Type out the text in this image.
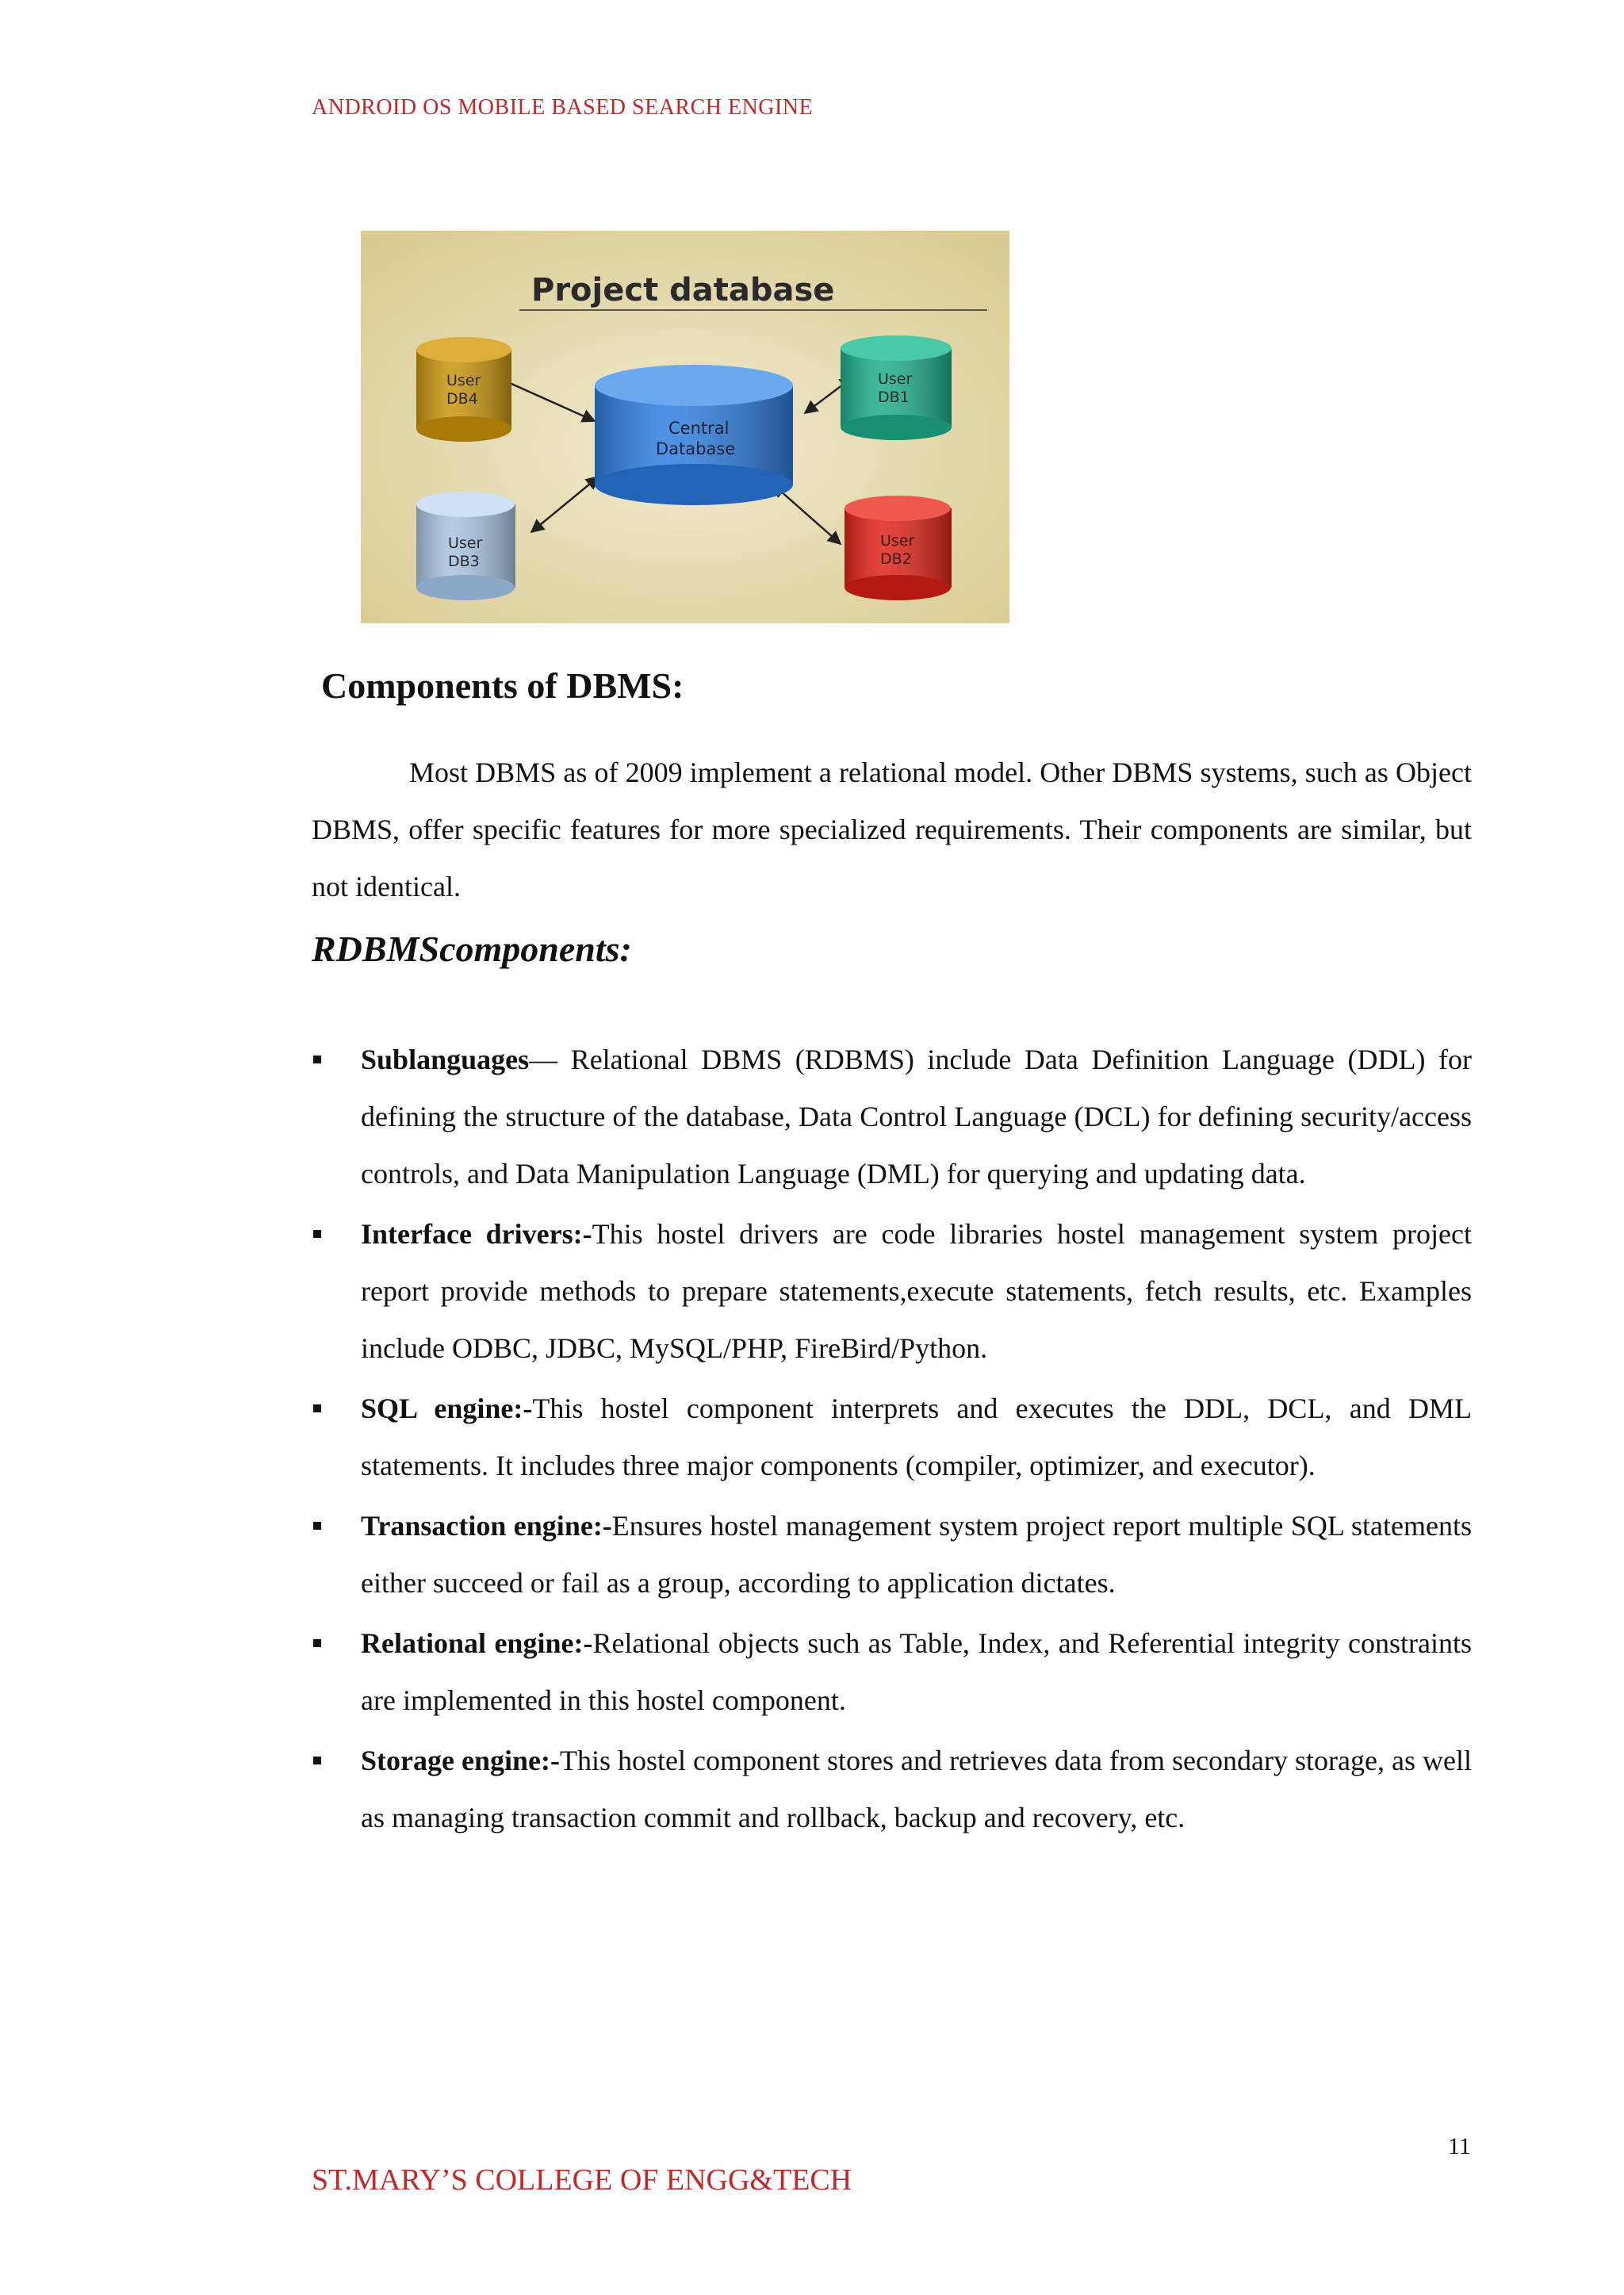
ANDROID OS MOBILE BASED SEARCH ENGINE
Project database
User
DB4
User
DB1
Central
Database
User
DB3
User
DB2
Components of DBMS:
Most DBMS as of 2009 implement a relational model. Other DBMS systems, such as Object DBMS, offer specific features for more specialized requirements. Their components are similar, but not identical.
RDBMScomponents:
Sublanguages— Relational DBMS (RDBMS) include Data Definition Language (DDL) for defining the structure of the database, Data Control Language (DCL) for defining security/access controls, and Data Manipulation Language (DML) for querying and updating data.
Interface drivers:-This hostel drivers are code libraries hostel management system project report provide methods to prepare statements,execute statements, fetch results, etc. Examples include ODBC, JDBC, MySQL/PHP, FireBird/Python.
SQL engine:-This hostel component interprets and executes the DDL, DCL, and DML statements. It includes three major components (compiler, optimizer, and executor).
Transaction engine:-Ensures hostel management system project report multiple SQL statements either succeed or fail as a group, according to application dictates.
Relational engine:-Relational objects such as Table, Index, and Referential integrity constraints are implemented in this hostel component.
Storage engine:-This hostel component stores and retrieves data from secondary storage, as well as managing transaction commit and rollback, backup and recovery, etc.
11
ST.MARY’S COLLEGE OF ENGG&TECH
